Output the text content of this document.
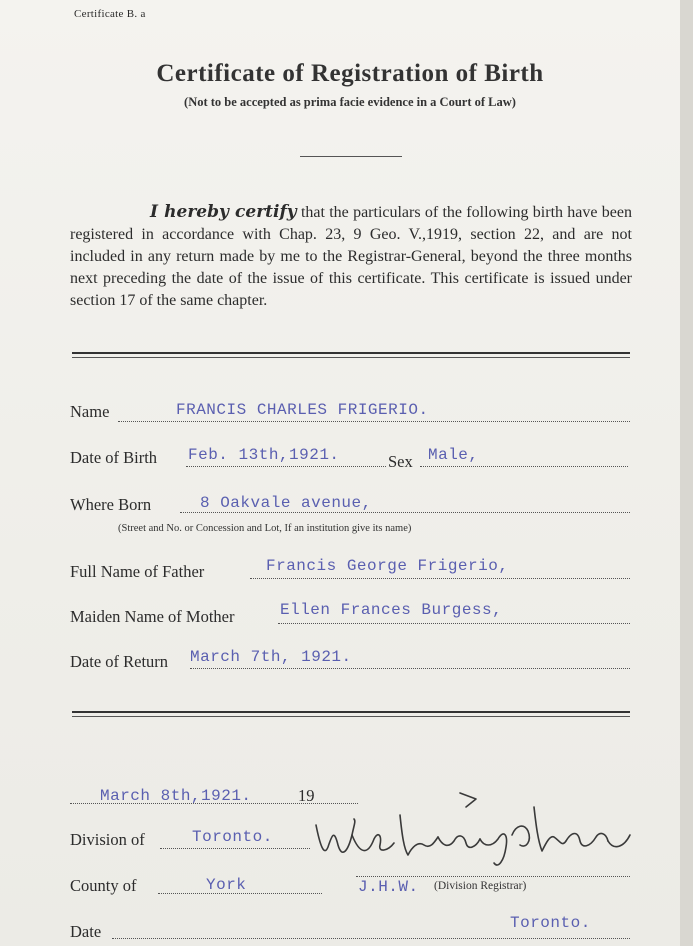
Certificate B. a
Certificate of Registration of Birth
(Not to be accepted as prima facie evidence in a Court of Law)
I hereby certify that the particulars of the following birth have been registered in accordance with Chap. 23, 9 Geo. V.,1919, section 22, and are not included in any return made by me to the Registrar-General, beyond the three months next preceding the date of the issue of this certificate. This certificate is issued under section 17 of the same chapter.
Name	FRANCIS CHARLES FRIGERIO.
Date of Birth Feb. 13th,1921.	Sex Male,
Where Born	8 Oakvale avenue,
(Street and No. or Concession and Lot, If an institution give its name)
Full Name of Father	Francis George Frigerio,
Maiden Name of Mother	Ellen Frances Burgess,
Date of Return March 7th, 1921.
March 8th,1921.	19
Division of	Toronto.
County of	York	J.H.W. (Division Registrar)
Date	Toronto.
